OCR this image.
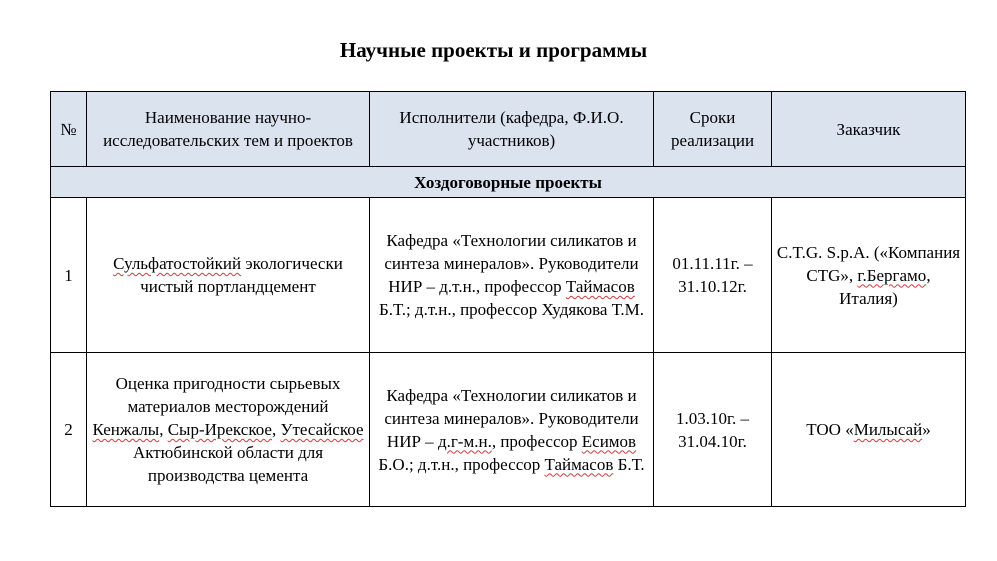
Научные проекты и программы
№	Наименование научно-исследовательских тем и проектов	Исполнители (кафедра, Ф.И.О. участников)	Сроки реализации	Заказчик
Хоздоговорные проекты				
1	Сульфатостойкий экологически чистый портландцемент	Кафедра «Технологии силикатов и синтеза минералов». Руководители НИР – д.т.н., профессор Таймасов Б.Т.; д.т.н., профессор Худякова Т.М.	01.11.11г. – 31.10.12г.	C.T.G. S.p.A. («Компания CTG», г.Бергамо, Италия)
2	Оценка пригодности сырьевых материалов месторождений Кенжалы, Сыр-Ирекское, Утесайское Актюбинской области для производства цемента	Кафедра «Технологии силикатов и синтеза минералов». Руководители НИР – д.г-м.н., профессор Есимов Б.О.; д.т.н., профессор Таймасов Б.Т.	1.03.10г. – 31.04.10г.	ТОО «Милысай»
